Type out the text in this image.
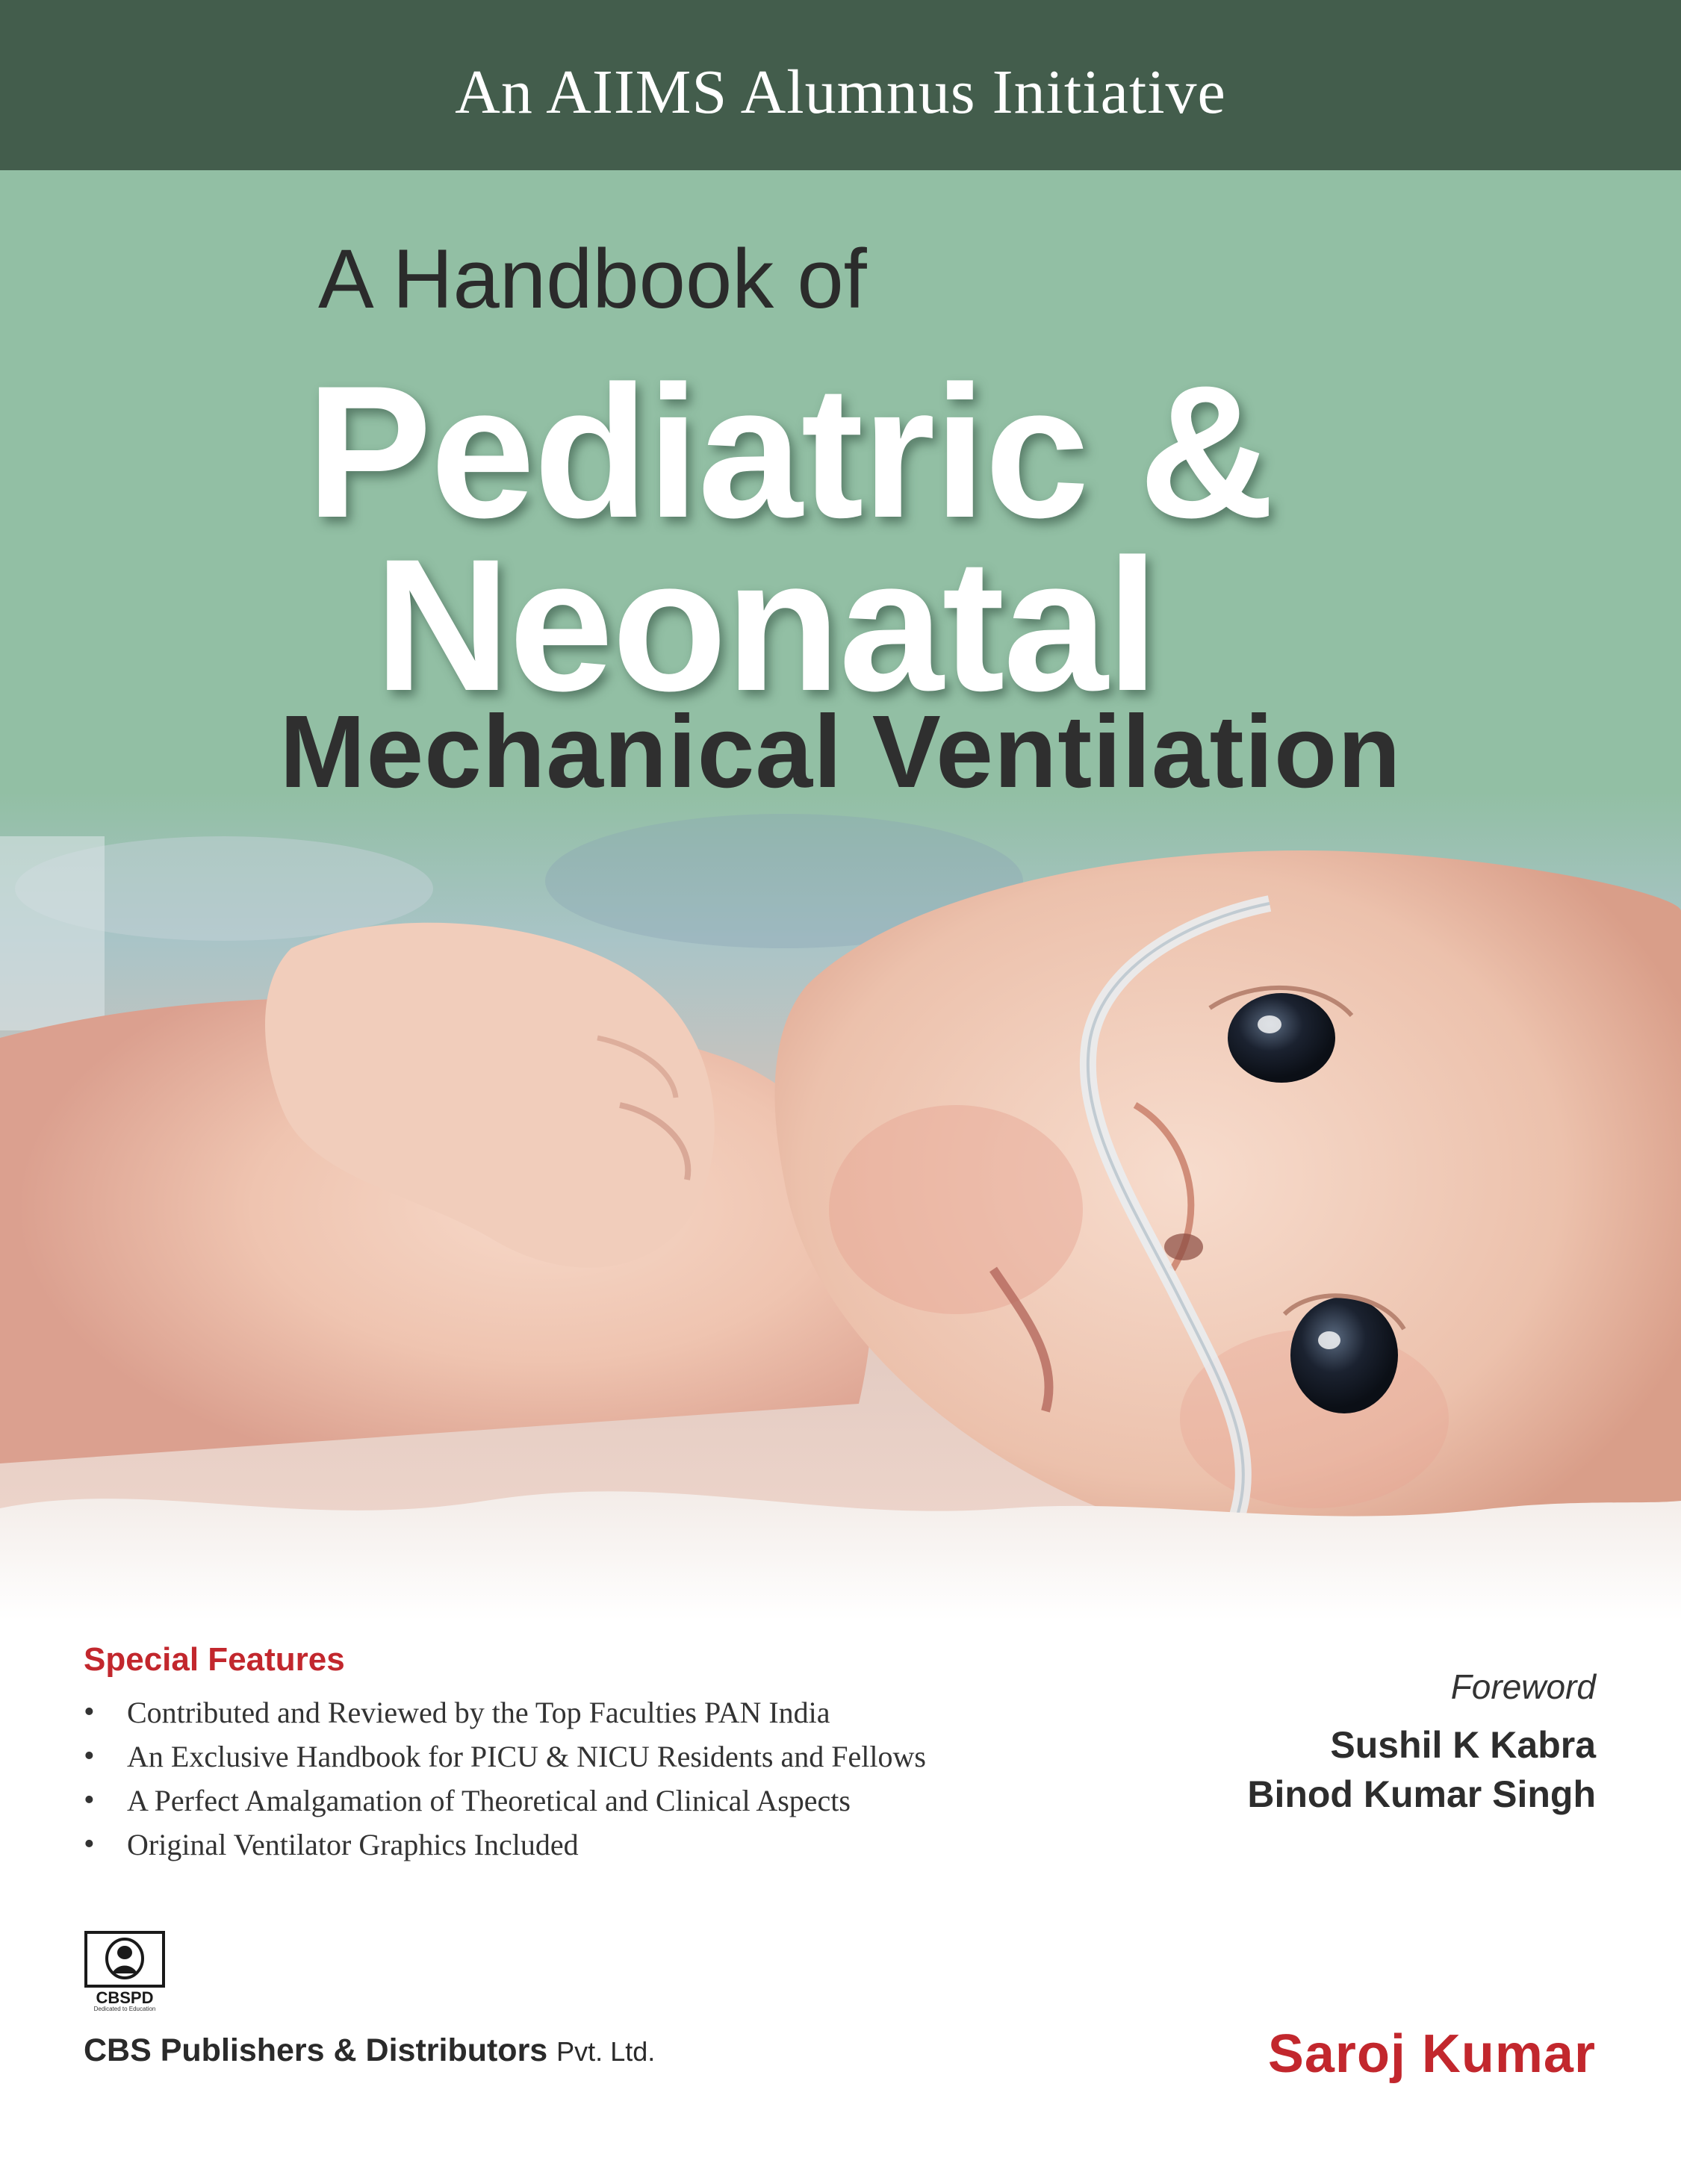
An AIIMS Alumnus Initiative
A Handbook of
Pediatric &
Neonatal
Mechanical Ventilation
Special Features
• Contributed and Reviewed by the Top Faculties PAN India
• An Exclusive Handbook for PICU & NICU Residents and Fellows
• A Perfect Amalgamation of Theoretical and Clinical Aspects
• Original Ventilator Graphics Included
Foreword
Sushil K Kabra
Binod Kumar Singh
CBSPD
Dedicated to Education
CBS Publishers & Distributors Pvt. Ltd.	Saroj Kumar
